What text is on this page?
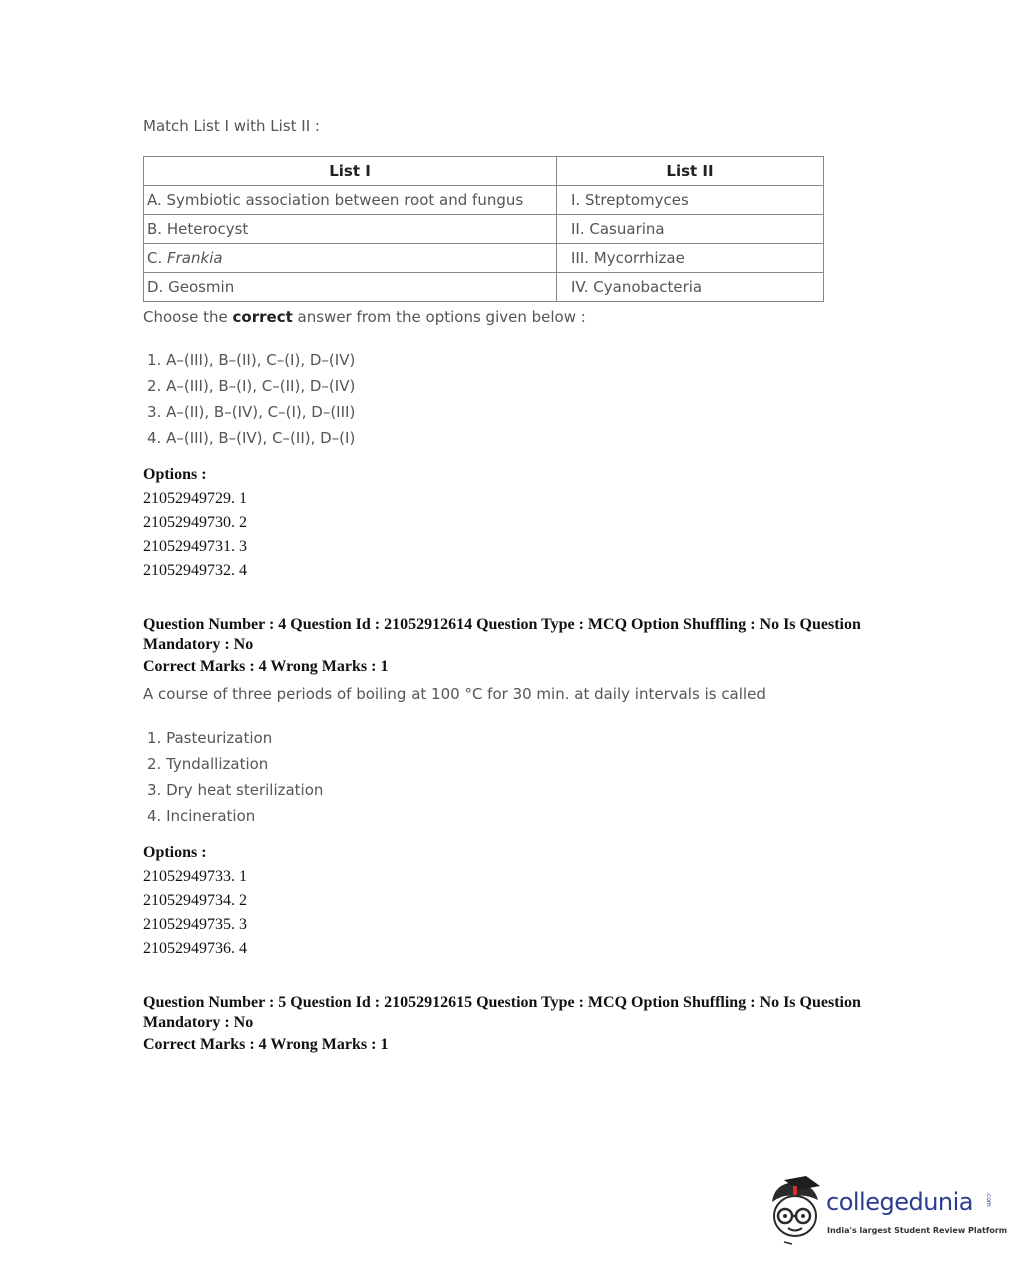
Match List I with List II :
List I	List II
A. Symbiotic association between root and fungus	I. Streptomyces
B. Heterocyst	II. Casuarina
C. Frankia	III. Mycorrhizae
D. Geosmin	IV. Cyanobacteria
Choose the correct answer from the options given below :
1. A–(III), B–(II), C–(I), D–(IV)
2. A–(III), B–(I), C–(II), D–(IV)
3. A–(II), B–(IV), C–(I), D–(III)
4. A–(III), B–(IV), C–(II), D–(I)
Options :
21052949729. 1
21052949730. 2
21052949731. 3
21052949732. 4
Question Number : 4 Question Id : 21052912614 Question Type : MCQ Option Shuffling : No Is Question Mandatory : No
Correct Marks : 4 Wrong Marks : 1
A course of three periods of boiling at 100 °C for 30 min. at daily intervals is called
1. Pasteurization
2. Tyndallization
3. Dry heat sterilization
4. Incineration
Options :
21052949733. 1
21052949734. 2
21052949735. 3
21052949736. 4
Question Number : 5 Question Id : 21052912615 Question Type : MCQ Option Shuffling : No Is Question Mandatory : No
Correct Marks : 4 Wrong Marks : 1
collegedunia .com
India's largest Student Review Platform
